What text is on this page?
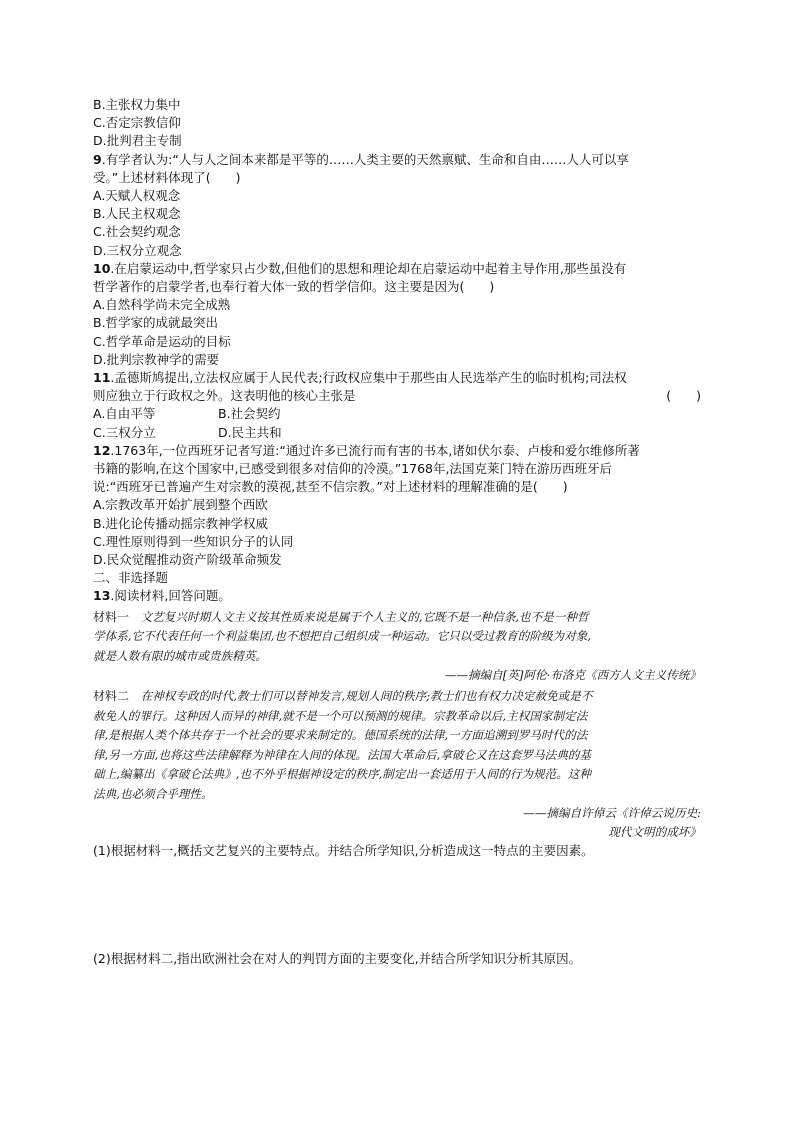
B.主张权力集中
C.否定宗教信仰
D.批判君主专制
9.有学者认为:“人与人之间本来都是平等的……人类主要的天然禀赋、生命和自由……人人可以享
受。”上述材料体现了(　　)
A.天赋人权观念
B.人民主权观念
C.社会契约观念
D.三权分立观念
10.在启蒙运动中,哲学家只占少数,但他们的思想和理论却在启蒙运动中起着主导作用,那些虽没有
哲学著作的启蒙学者,也奉行着大体一致的哲学信仰。这主要是因为(　　)
A.自然科学尚未完全成熟
B.哲学家的成就最突出
C.哲学革命是运动的目标
D.批判宗教神学的需要
11.孟德斯鸠提出,立法权应属于人民代表;行政权应集中于那些由人民选举产生的临时机构;司法权
则应独立于行政权之外。这表明他的核心主张是	(　　)
A.自由平等	B.社会契约
C.三权分立	D.民主共和
12.1763年,一位西班牙记者写道:“通过许多已流行而有害的书本,诸如伏尔泰、卢梭和爱尔维修所著
书籍的影响,在这个国家中,已感受到很多对信仰的冷漠。”1768年,法国克莱门特在游历西班牙后
说:“西班牙已普遍产生对宗教的漠视,甚至不信宗教。”对上述材料的理解准确的是(　　)
A.宗教改革开始扩展到整个西欧
B.进化论传播动摇宗教神学权威
C.理性原则得到一些知识分子的认同
D.民众觉醒推动资产阶级革命频发
二、非选择题
13.阅读材料,回答问题。
材料一　文艺复兴时期人文主义按其性质来说是属于个人主义的,它既不是一种信条,也不是一种哲
学体系,它不代表任何一个利益集团,也不想把自己组织成一种运动。它只以受过教育的阶级为对象,
就是人数有限的城市或贵族精英。
——摘编自[英]阿伦·布洛克《西方人文主义传统》
材料二　在神权专政的时代,教士们可以替神发言,规划人间的秩序;教士们也有权力决定赦免或是不
赦免人的罪行。这种因人而异的神律,就不是一个可以预测的规律。宗教革命以后,主权国家制定法
律,是根据人类个体共存于一个社会的要求来制定的。德国系统的法律,一方面追溯到罗马时代的法
律,另一方面,也将这些法律解释为神律在人间的体现。法国大革命后,拿破仑又在这套罗马法典的基
础上,编纂出《拿破仑法典》,也不外乎根据神设定的秩序,制定出一套适用于人间的行为规范。这种
法典,也必须合乎理性。
——摘编自许倬云《许倬云说历史:
现代文明的成坏》
(1)根据材料一,概括文艺复兴的主要特点。并结合所学知识,分析造成这一特点的主要因素。
(2)根据材料二,指出欧洲社会在对人的判罚方面的主要变化,并结合所学知识分析其原因。
